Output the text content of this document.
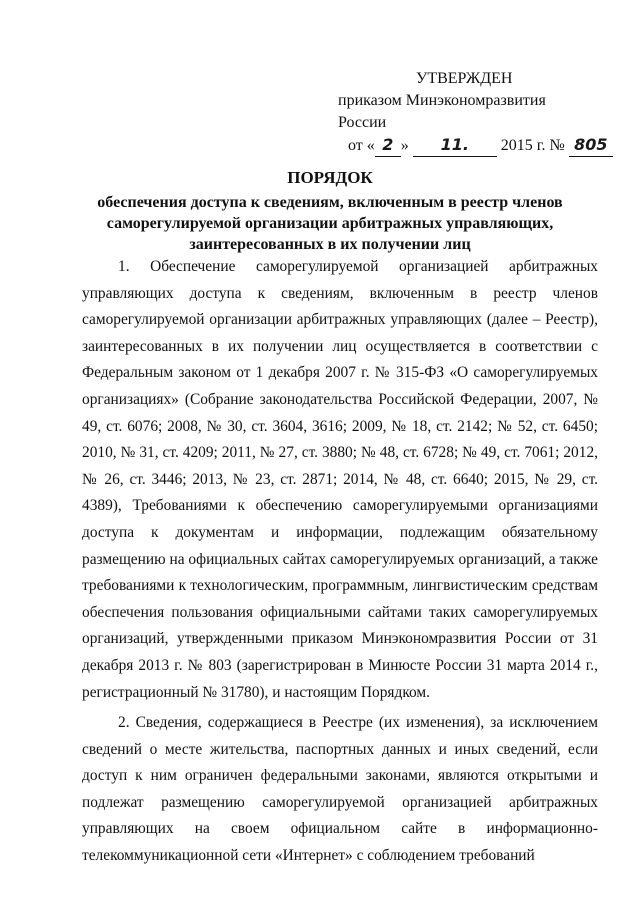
УТВЕРЖДЕН
приказом Минэкономразвития России
от « 2 » 11. 2015 г. № 805
ПОРЯДОК
обеспечения доступа к сведениям, включенным в реестр членов
саморегулируемой организации арбитражных управляющих,
заинтересованных в их получении лиц

1. Обеспечение саморегулируемой организацией арбитражных управляющих доступа к сведениям, включенным в реестр членов саморегулируемой организации арбитражных управляющих (далее – Реестр), заинтересованных в их получении лиц осуществляется в соответствии с Федеральным законом от 1 декабря 2007 г. № 315-ФЗ «О саморегулируемых организациях» (Собрание законодательства Российской Федерации, 2007, № 49, ст. 6076; 2008, № 30, ст. 3604, 3616; 2009, № 18, ст. 2142; № 52, ст. 6450; 2010, № 31, ст. 4209; 2011, № 27, ст. 3880; № 48, ст. 6728; № 49, ст. 7061; 2012, № 26, ст. 3446; 2013, № 23, ст. 2871; 2014, № 48, ст. 6640; 2015, № 29, ст. 4389), Требованиями к обеспечению саморегулируемыми организациями доступа к документам и информации, подлежащим обязательному размещению на официальных сайтах саморегулируемых организаций, а также требованиями к технологическим, программным, лингвистическим средствам обеспечения пользования официальными сайтами таких саморегулируемых организаций, утвержденными приказом Минэкономразвития России от 31 декабря 2013 г. № 803 (зарегистрирован в Минюсте России 31 марта 2014 г., регистрационный № 31780), и настоящим Порядком.

2. Сведения, содержащиеся в Реестре (их изменения), за исключением сведений о месте жительства, паспортных данных и иных сведений, если доступ к ним ограничен федеральными законами, являются открытыми и подлежат размещению саморегулируемой организацией арбитражных управляющих на своем официальном сайте в информационно-телекоммуникационной сети «Интернет» с соблюдением требований
